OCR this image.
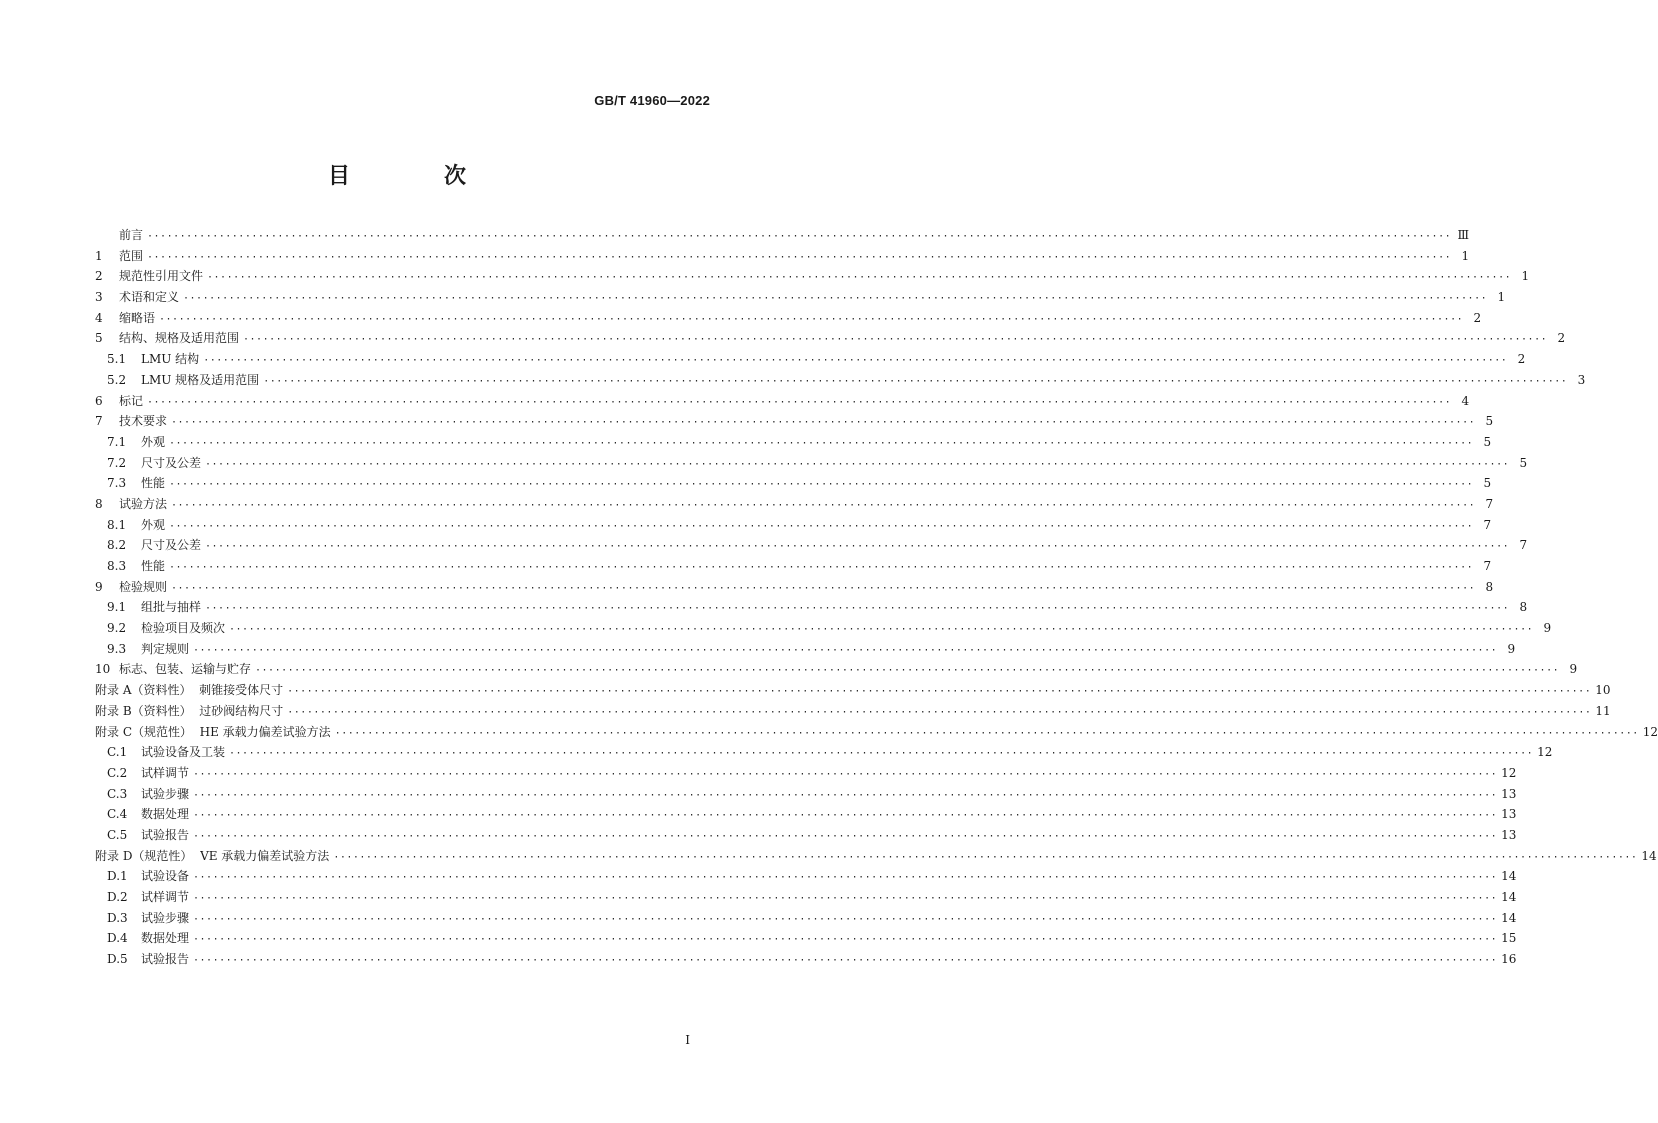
GB/T 41960—2022
目　次
前言 ········································································································································································································ Ⅲ
1	范围 ········································································································································································································ 1
2	规范性引用文件 ········································································································································································································ 1
3	术语和定义 ········································································································································································································ 1
4	缩略语 ········································································································································································································ 2
5	结构、规格及适用范围 ········································································································································································································ 2
5.1	LMU 结构 ········································································································································································································ 2
5.2	LMU 规格及适用范围 ········································································································································································································ 3
6	标记 ········································································································································································································ 4
7	技术要求 ········································································································································································································ 5
7.1	外观 ········································································································································································································ 5
7.2	尺寸及公差 ········································································································································································································ 5
7.3	性能 ········································································································································································································ 5
8	试验方法 ········································································································································································································ 7
8.1	外观 ········································································································································································································ 7
8.2	尺寸及公差 ········································································································································································································ 7
8.3	性能 ········································································································································································································ 7
9	检验规则 ········································································································································································································ 8
9.1	组批与抽样 ········································································································································································································ 8
9.2	检验项目及频次 ········································································································································································································ 9
9.3	判定规则 ········································································································································································································ 9
10 标志、包装、运输与贮存 ········································································································································································································ 9
附录 A（资料性）  刺锥接受体尺寸 ········································································································································································································ 10
附录 B（资料性）  过砂阀结构尺寸 ········································································································································································································ 11
附录 C（规范性）  HE 承载力偏差试验方法 ········································································································································································································ 12
C.1	试验设备及工装 ········································································································································································································ 12
C.2	试样调节 ········································································································································································································ 12
C.3	试验步骤 ········································································································································································································ 13
C.4	数据处理 ········································································································································································································ 13
C.5	试验报告 ········································································································································································································ 13
附录 D（规范性）  VE 承载力偏差试验方法 ········································································································································································································ 14
D.1	试验设备 ········································································································································································································ 14
D.2	试样调节 ········································································································································································································ 14
D.3	试验步骤 ········································································································································································································ 14
D.4	数据处理 ········································································································································································································ 15
D.5	试验报告 ········································································································································································································ 16
I
